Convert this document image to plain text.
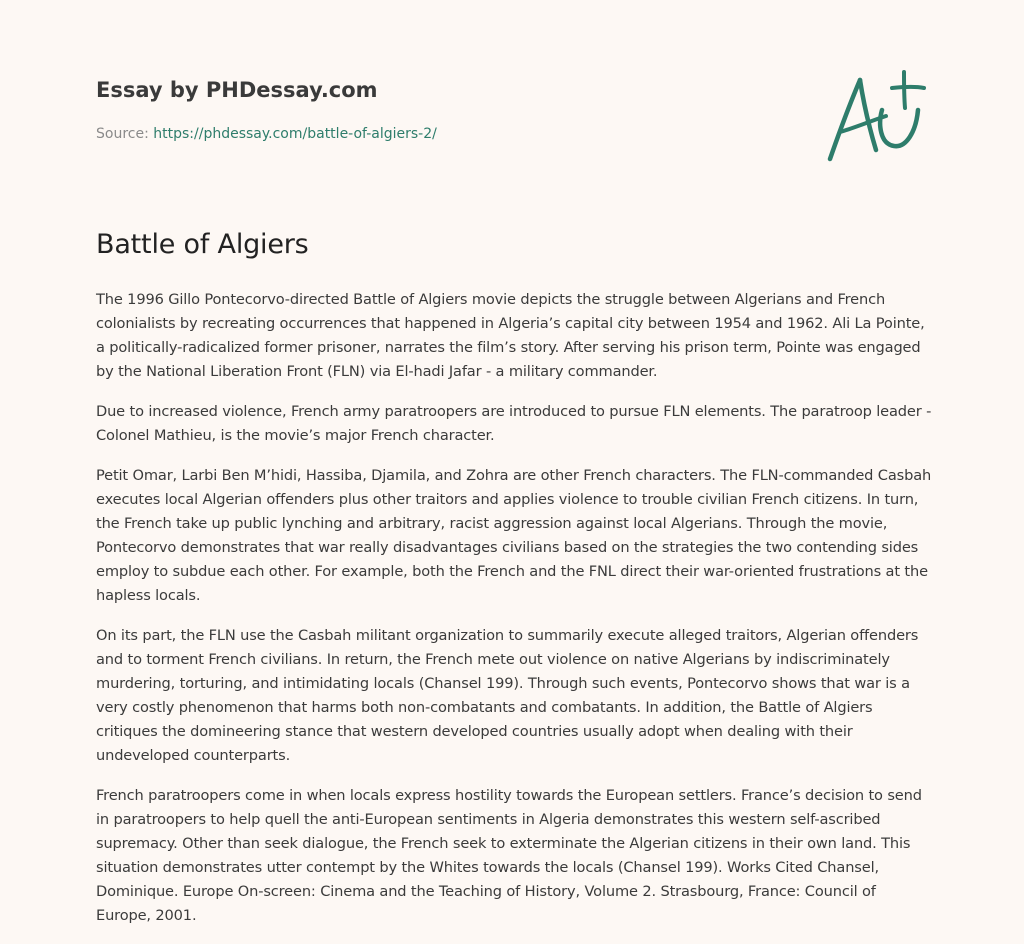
Essay by PHDessay.com
Source: https://phdessay.com/battle-of-algiers-2/
Battle of Algiers

The 1996 Gillo Pontecorvo-directed Battle of Algiers movie depicts the struggle between Algerians and French colonialists by recreating occurrences that happened in Algeria’s capital city between 1954 and 1962. Ali La Pointe, a politically-radicalized former prisoner, narrates the film’s story. After serving his prison term, Pointe was engaged by the National Liberation Front (FLN) via El-hadi Jafar - a military commander.

Due to increased violence, French army paratroopers are introduced to pursue FLN elements. The paratroop leader - Colonel Mathieu, is the movie’s major French character.

Petit Omar, Larbi Ben M’hidi, Hassiba, Djamila, and Zohra are other French characters. The FLN-commanded Casbah executes local Algerian offenders plus other traitors and applies violence to trouble civilian French citizens. In turn, the French take up public lynching and arbitrary, racist aggression against local Algerians. Through the movie, Pontecorvo demonstrates that war really disadvantages civilians based on the strategies the two contending sides employ to subdue each other. For example, both the French and the FNL direct their war-oriented frustrations at the hapless locals.

On its part, the FLN use the Casbah militant organization to summarily execute alleged traitors, Algerian offenders and to torment French civilians. In return, the French mete out violence on native Algerians by indiscriminately murdering, torturing, and intimidating locals (Chansel 199). Through such events, Pontecorvo shows that war is a very costly phenomenon that harms both non-combatants and combatants. In addition, the Battle of Algiers critiques the domineering stance that western developed countries usually adopt when dealing with their undeveloped counterparts.

French paratroopers come in when locals express hostility towards the European settlers. France’s decision to send in paratroopers to help quell the anti-European sentiments in Algeria demonstrates this western self-ascribed supremacy. Other than seek dialogue, the French seek to exterminate the Algerian citizens in their own land. This situation demonstrates utter contempt by the Whites towards the locals (Chansel 199). Works Cited Chansel, Dominique. Europe On-screen: Cinema and the Teaching of History, Volume 2. Strasbourg, France: Council of Europe, 2001.
